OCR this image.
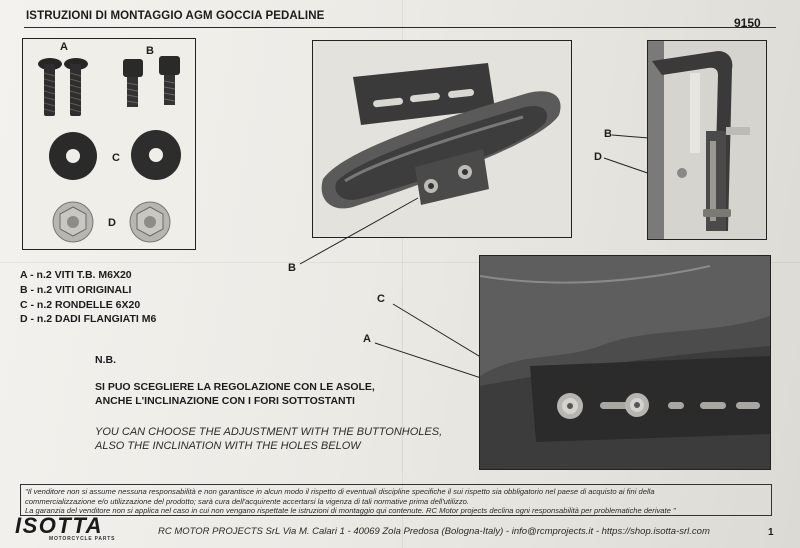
ISTRUZIONI DI MONTAGGIO AGM GOCCIA PEDALINE	9150
A	B
C
D
B
B
D
C
A
A - n.2 VITI T.B. M6X20
B - n.2 VITI ORIGINALI
C - n.2 RONDELLE 6X20
D - n.2 DADI FLANGIATI M6
N.B.
SI PUO SCEGLIERE LA REGOLAZIONE CON LE ASOLE,
ANCHE L'INCLINAZIONE CON I FORI SOTTOSTANTI
YOU CAN CHOOSE THE ADJUSTMENT WITH THE BUTTONHOLES,
ALSO THE INCLINATION WITH THE HOLES BELOW
"Il venditore non si assume nessuna responsabilità e non garantisce in alcun modo il rispetto di eventuali discipline specifiche il sui rispetto sia obbligatorio nel paese di acquisto ai fini della
commercializzazione e/o utilizzazione del prodotto; sarà cura dell'acquirente accertarsi la vigenza di tali normative prima dell'utilizzo.
La garanzia del venditore non si applica nel caso in cui non vengano rispettate le istruzioni di montaggio qui contenute. RC Motor projects declina ogni responsabilità per problematiche derivate "
ISOTTA
MOTORCYCLE PARTS
RC MOTOR PROJECTS SrL Via M. Calari 1 - 40069 Zola Predosa (Bologna-Italy) - info@rcmprojects.it - https://shop.isotta-srl.com	1
